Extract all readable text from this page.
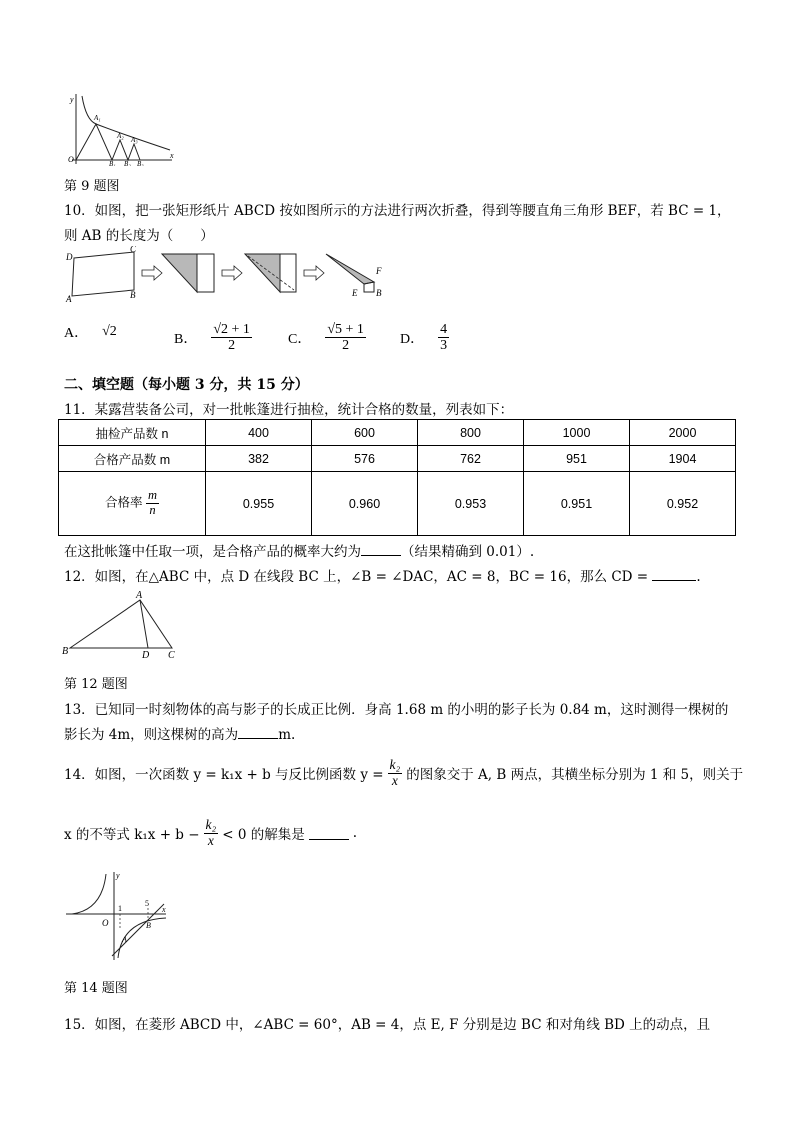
y
x
O
A₁
A₂ A₃
B₁ B₂ B₃
第 9 题图
10．如图，把一张矩形纸片 ABCD 按如图所示的方法进行两次折叠，得到等腰直角三角形 BEF，若 BC = 1，
则 AB 的长度为（　　）
D
C
A	B
F
E B
A． √2
B． $\frac{√2 + 1}{2}$	C． $\frac{√5 + 1}{2}$ D． $\frac{4}{3}$
二、填空题（每小题 3 分，共 15 分）
11．某露营装备公司，对一批帐篷进行抽检，统计合格的数量，列表如下：
抽检产品数 n	400	600	800	1000	2000
合格产品数 m	382	576	762	951	1904
合格率 $\frac{m}{n}$	0.955	0.960	0.953	0.951	0.952
在这批帐篷中任取一项，是合格产品的概率大约为	（结果精确到 0.01）.
12．如图，在△ABC 中，点 D 在线段 BC 上，∠B = ∠DAC，AC = 8，BC = 16，那么 CD =	.
A
B	D C
第 12 题图
13．已知同一时刻物体的高与影子的长成正比例．身高 1.68 m 的小明的影子长为 0.84 m，这时测得一棵树的
影长为 4m，则这棵树的高为	m.
14．如图，一次函数 y = k₁x + b 与反比例函数 $y = \frac{\text{k₂}}{x}$ 的图象交于 A, B 两点，其横坐标分别为 1 和 5，则关于
x 的不等式 $k_1x + b - \frac{\text{k₂}}{x} < 0$ 的解集是	.
y
x
O
1
5
A
B
第 14 题图
15．如图，在菱形 ABCD 中，∠ABC = 60°，AB = 4，点 E, F 分别是边 BC 和对角线 BD 上的动点，且
